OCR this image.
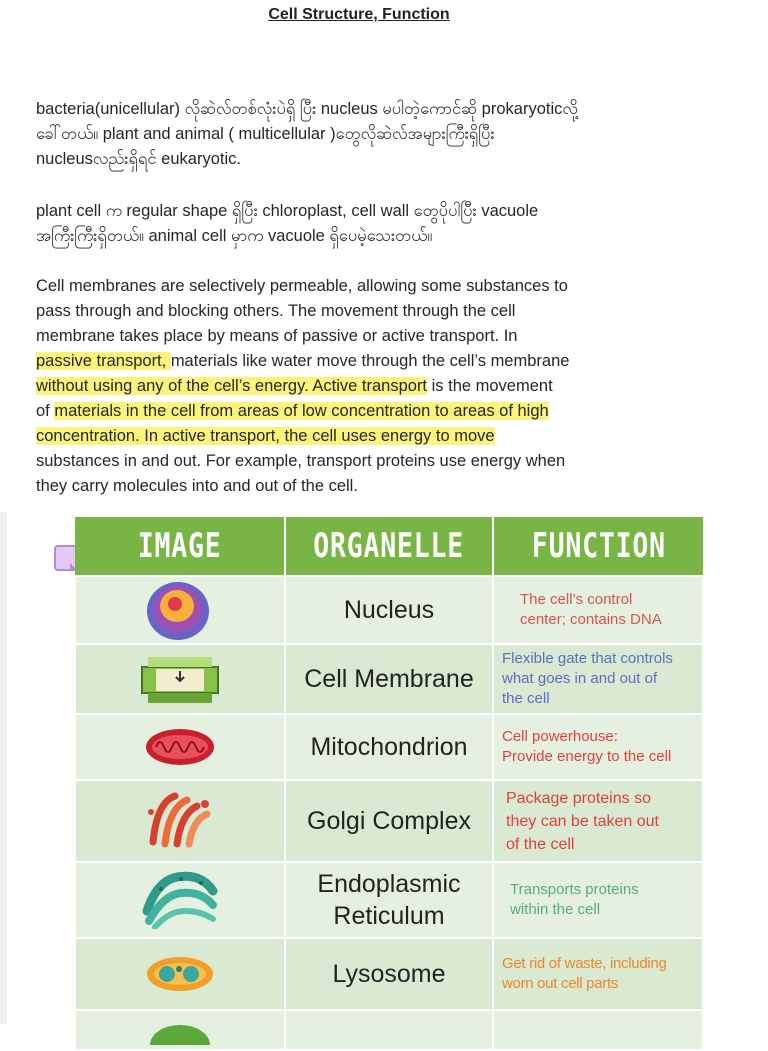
Cell Structure, Function

bacteria(unicellular) လိုဆဲလ်တစ်လုံးပဲရှိ ပြီး nucleus မပါတဲ့ကောင်ဆို prokaryoticလို့
ခေါ်တယ်။ plant and animal ( multicellular )တွေလိုဆဲလ်အများကြီးရှိပြီး
nucleusလည်းရှိရင် eukaryotic.

plant cell က regular shape ရှိပြီး chloroplast, cell wall တွေပိုပါပြီး vacuole
အကြီးကြီးရှိတယ်။ animal cell မှာက vacuole ရှိပေမဲ့သေးတယ်။

Cell membranes are selectively permeable, allowing some substances to
pass through and blocking others. The movement through the cell
membrane takes place by means of passive or active transport. In
passive transport, materials like water move through the cell’s membrane
without using any of the cell’s energy. Active transport is the movement
of materials in the cell from areas of low concentration to areas of high
concentration. In active transport, the cell uses energy to move
substances in and out. For example, transport proteins use energy when
they carry molecules into and out of the cell.

IMAGE	ORGANELLE	FUNCTION

	Nucleus	The cell’s control
center; contains DNA

	Cell Membrane	Flexible gate that controls
what goes in and out of
the cell

	Mitochondrion	Cell powerhouse:
Provide energy to the cell

	Golgi Complex	Package proteins so
they can be taken out
of the cell

	Endoplasmic
Reticulum	Transports proteins
within the cell

	Lysosome	Get rid of waste, including
worn out cell parts
